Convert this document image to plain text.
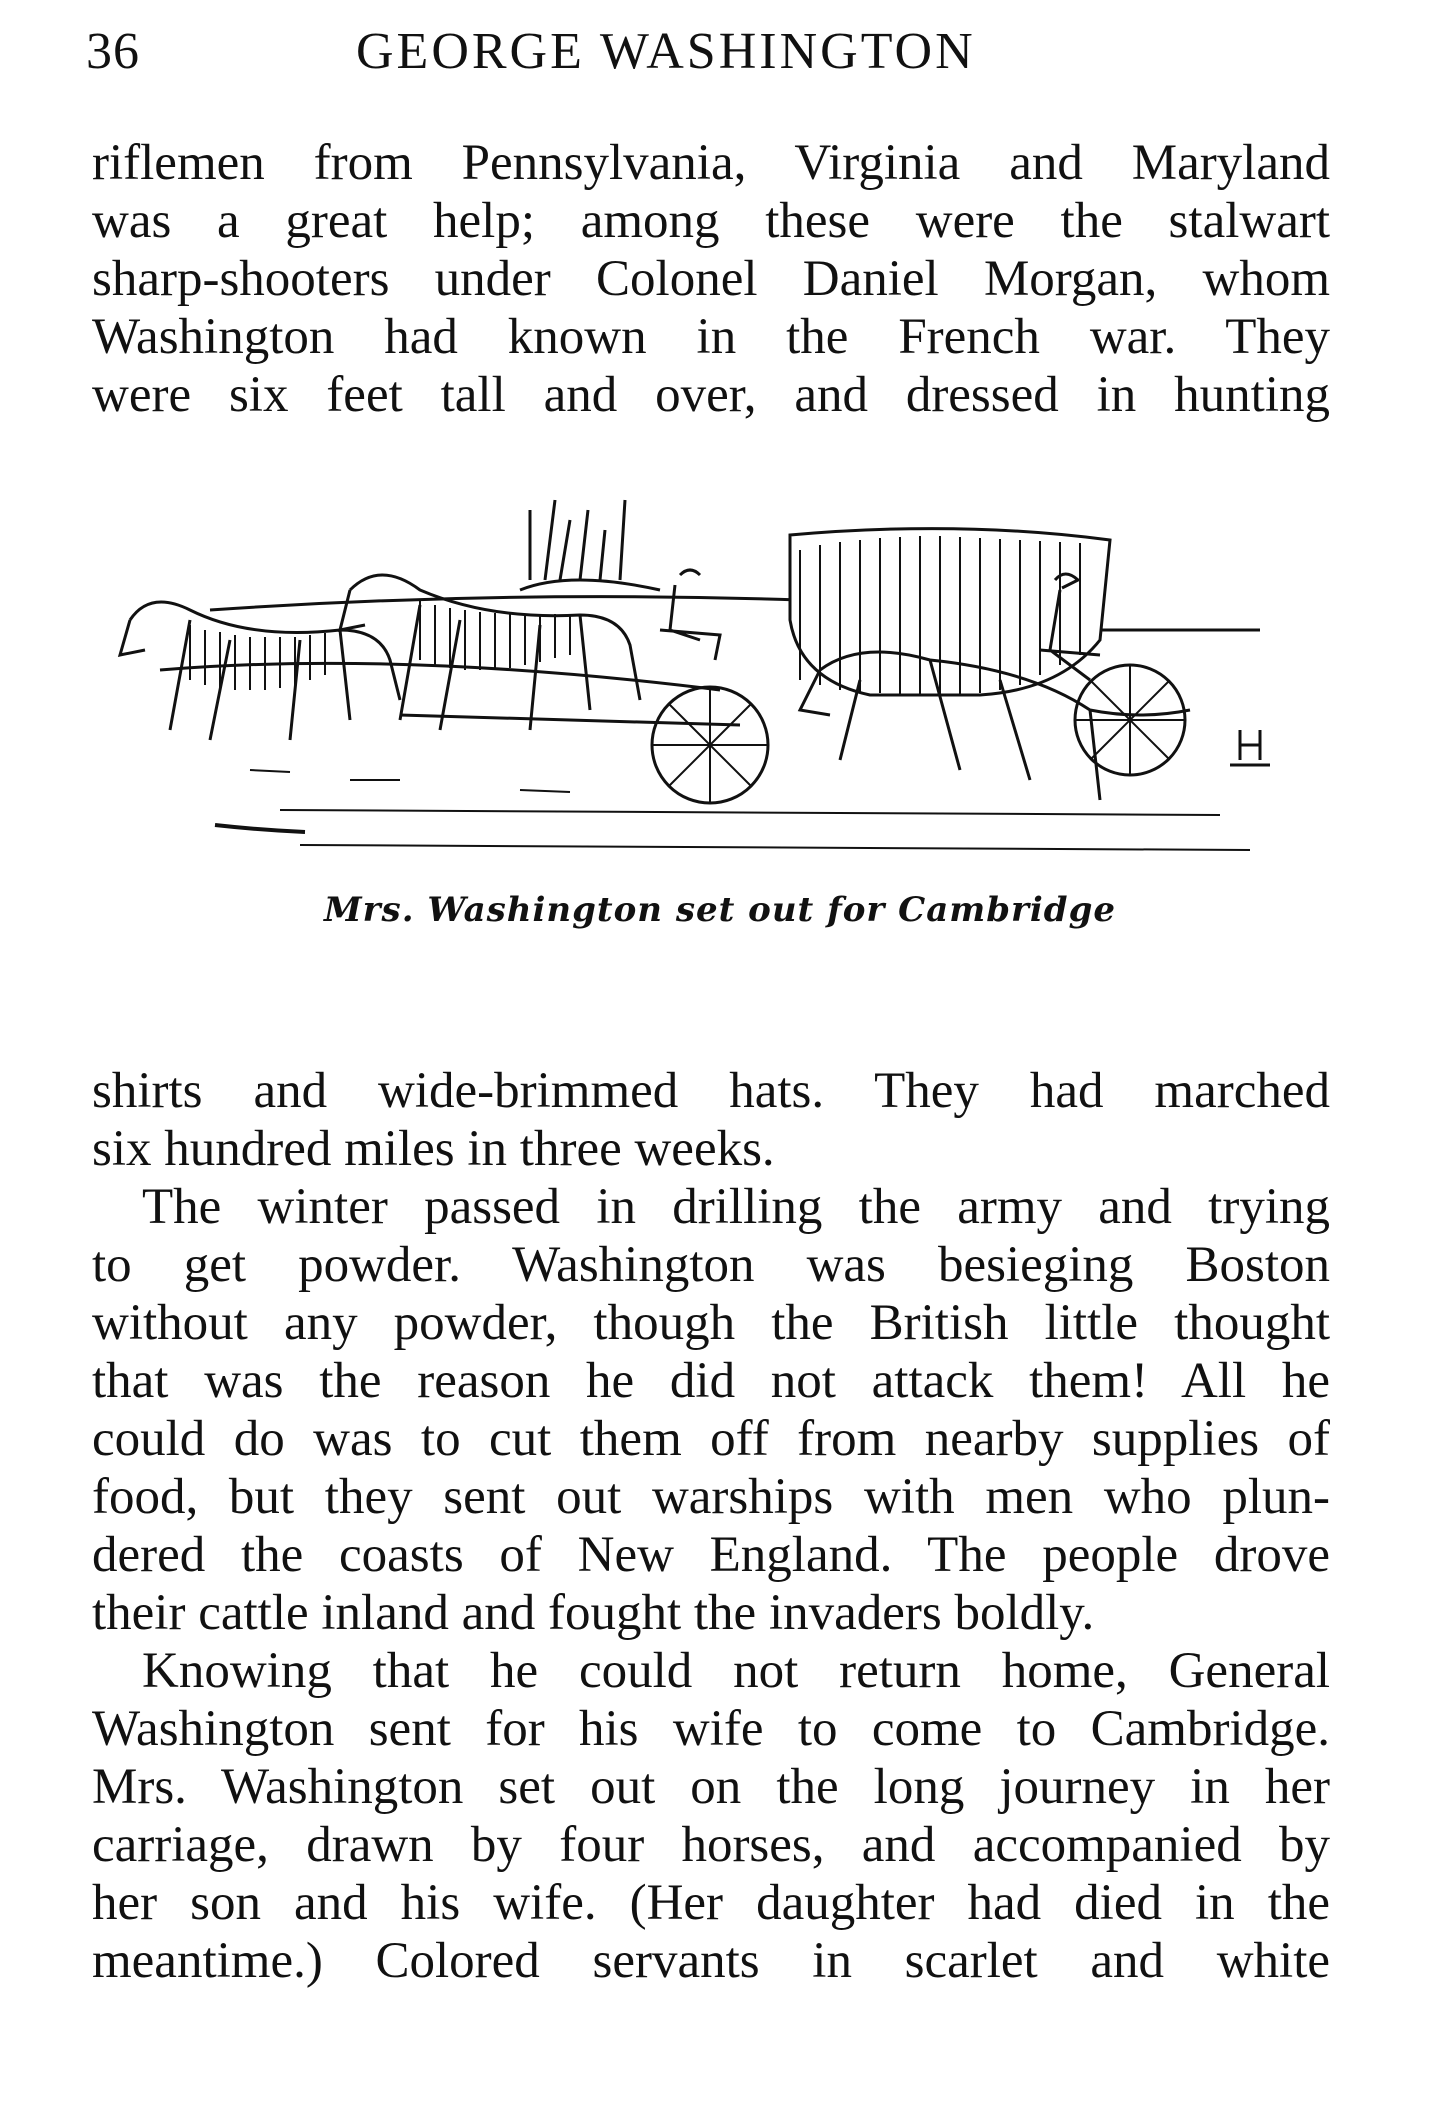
36	GEORGE WASHINGTON

riflemen from Pennsylvania, Virginia and Maryland
was a great help; among these were the stalwart
sharp-shooters under Colonel Daniel Morgan, whom
Washington had known in the French war. They
were six feet tall and over, and dressed in hunting

Mrs. Washington set out for Cambridge

shirts and wide-brimmed hats. They had marched
six hundred miles in three weeks.

The winter passed in drilling the army and trying
to get powder. Washington was besieging Boston
without any powder, though the British little thought
that was the reason he did not attack them! All he
could do was to cut them off from nearby supplies of
food, but they sent out warships with men who plun-
dered the coasts of New England. The people drove
their cattle inland and fought the invaders boldly.

Knowing that he could not return home, General
Washington sent for his wife to come to Cambridge.
Mrs. Washington set out on the long journey in her
carriage, drawn by four horses, and accompanied by
her son and his wife. (Her daughter had died in the
meantime.) Colored servants in scarlet and white
